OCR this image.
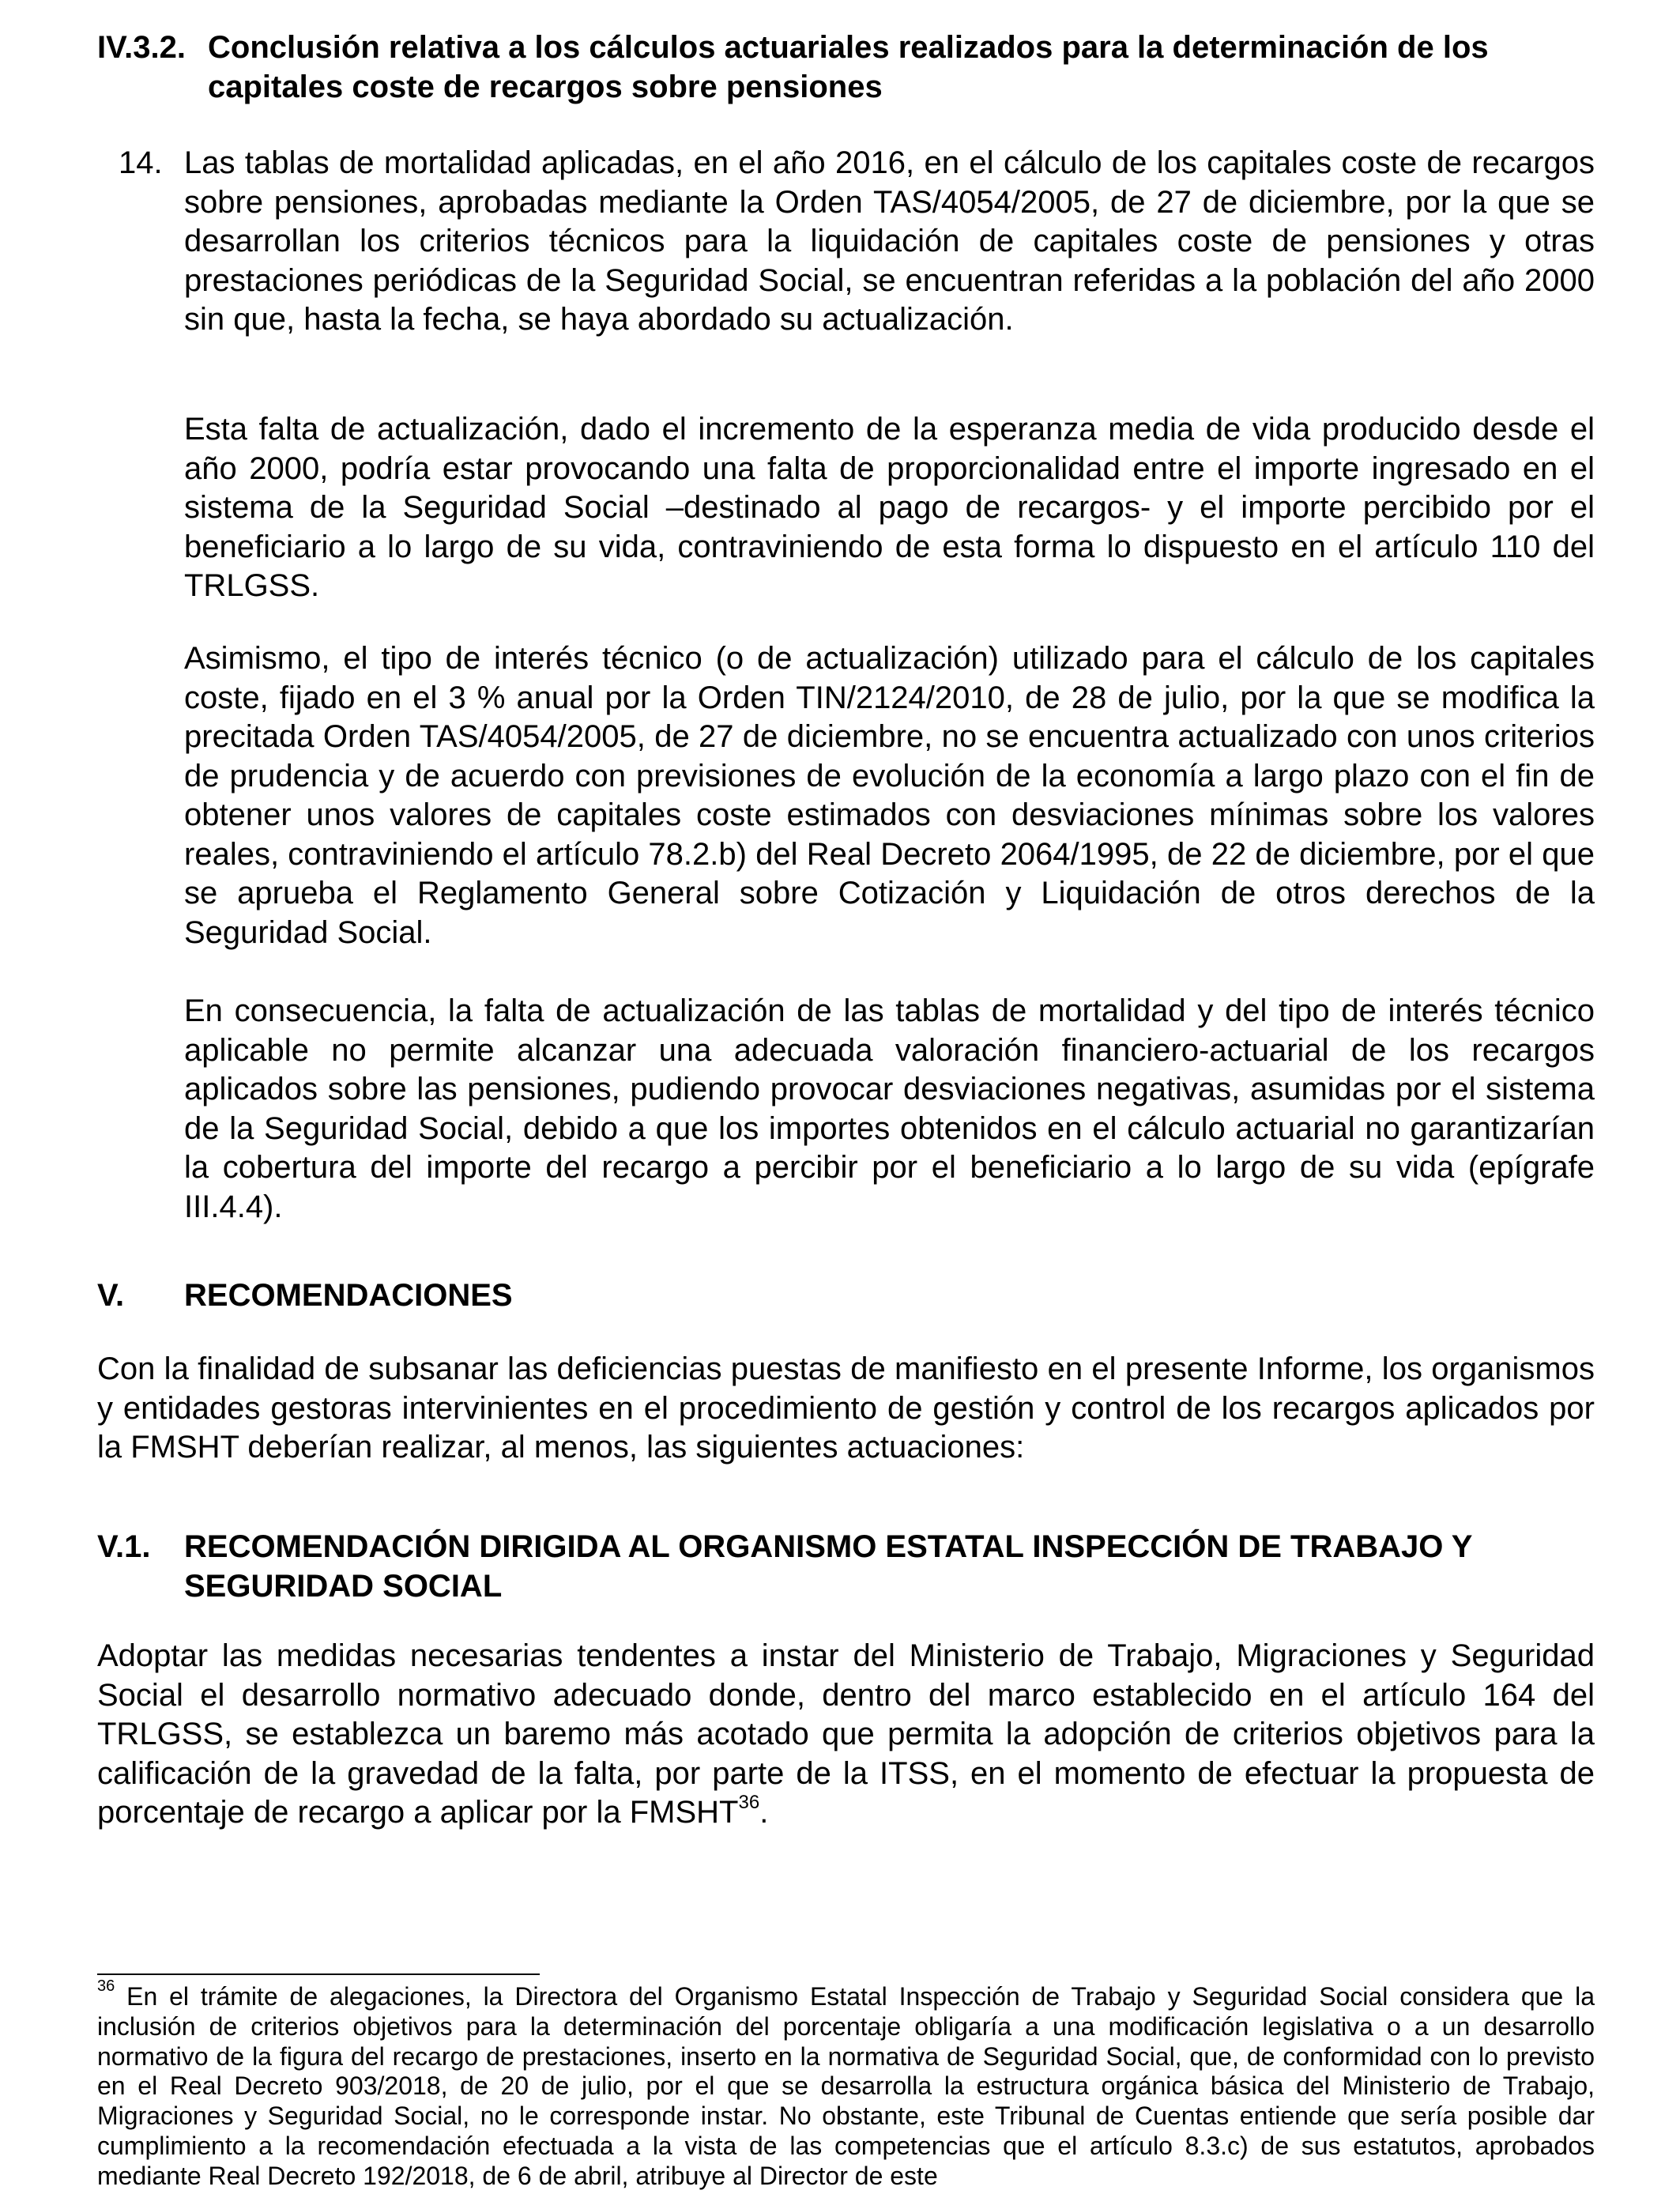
IV.3.2. Conclusión relativa a los cálculos actuariales realizados para la determinación de los capitales coste de recargos sobre pensiones
14. Las tablas de mortalidad aplicadas, en el año 2016, en el cálculo de los capitales coste de recargos sobre pensiones, aprobadas mediante la Orden TAS/4054/2005, de 27 de diciembre, por la que se desarrollan los criterios técnicos para la liquidación de capitales coste de pensiones y otras prestaciones periódicas de la Seguridad Social, se encuentran referidas a la población del año 2000 sin que, hasta la fecha, se haya abordado su actualización.
Esta falta de actualización, dado el incremento de la esperanza media de vida producido desde el año 2000, podría estar provocando una falta de proporcionalidad entre el importe ingresado en el sistema de la Seguridad Social –destinado al pago de recargos- y el importe percibido por el beneficiario a lo largo de su vida, contraviniendo de esta forma lo dispuesto en el artículo 110 del TRLGSS.
Asimismo, el tipo de interés técnico (o de actualización) utilizado para el cálculo de los capitales coste, fijado en el 3 % anual por la Orden TIN/2124/2010, de 28 de julio, por la que se modifica la precitada Orden TAS/4054/2005, de 27 de diciembre, no se encuentra actualizado con unos criterios de prudencia y de acuerdo con previsiones de evolución de la economía a largo plazo con el fin de obtener unos valores de capitales coste estimados con desviaciones mínimas sobre los valores reales, contraviniendo el artículo 78.2.b) del Real Decreto 2064/1995, de 22 de diciembre, por el que se aprueba el Reglamento General sobre Cotización y Liquidación de otros derechos de la Seguridad Social.
En consecuencia, la falta de actualización de las tablas de mortalidad y del tipo de interés técnico aplicable no permite alcanzar una adecuada valoración financiero-actuarial de los recargos aplicados sobre las pensiones, pudiendo provocar desviaciones negativas, asumidas por el sistema de la Seguridad Social, debido a que los importes obtenidos en el cálculo actuarial no garantizarían la cobertura del importe del recargo a percibir por el beneficiario a lo largo de su vida (epígrafe III.4.4).
V. RECOMENDACIONES
Con la finalidad de subsanar las deficiencias puestas de manifiesto en el presente Informe, los organismos y entidades gestoras intervinientes en el procedimiento de gestión y control de los recargos aplicados por la FMSHT deberían realizar, al menos, las siguientes actuaciones:
V.1. RECOMENDACIÓN DIRIGIDA AL ORGANISMO ESTATAL INSPECCIÓN DE TRABAJO Y SEGURIDAD SOCIAL
Adoptar las medidas necesarias tendentes a instar del Ministerio de Trabajo, Migraciones y Seguridad Social el desarrollo normativo adecuado donde, dentro del marco establecido en el artículo 164 del TRLGSS, se establezca un baremo más acotado que permita la adopción de criterios objetivos para la calificación de la gravedad de la falta, por parte de la ITSS, en el momento de efectuar la propuesta de porcentaje de recargo a aplicar por la FMSHT$^{36}$.
$^{36}$ En el trámite de alegaciones, la Directora del Organismo Estatal Inspección de Trabajo y Seguridad Social considera que la inclusión de criterios objetivos para la determinación del porcentaje obligaría a una modificación legislativa o a un desarrollo normativo de la figura del recargo de prestaciones, inserto en la normativa de Seguridad Social, que, de conformidad con lo previsto en el Real Decreto 903/2018, de 20 de julio, por el que se desarrolla la estructura orgánica básica del Ministerio de Trabajo, Migraciones y Seguridad Social, no le corresponde instar. No obstante, este Tribunal de Cuentas entiende que sería posible dar cumplimiento a la recomendación efectuada a la vista de las competencias que el artículo 8.3.c) de sus estatutos, aprobados mediante Real Decreto 192/2018, de 6 de abril, atribuye al Director de este
